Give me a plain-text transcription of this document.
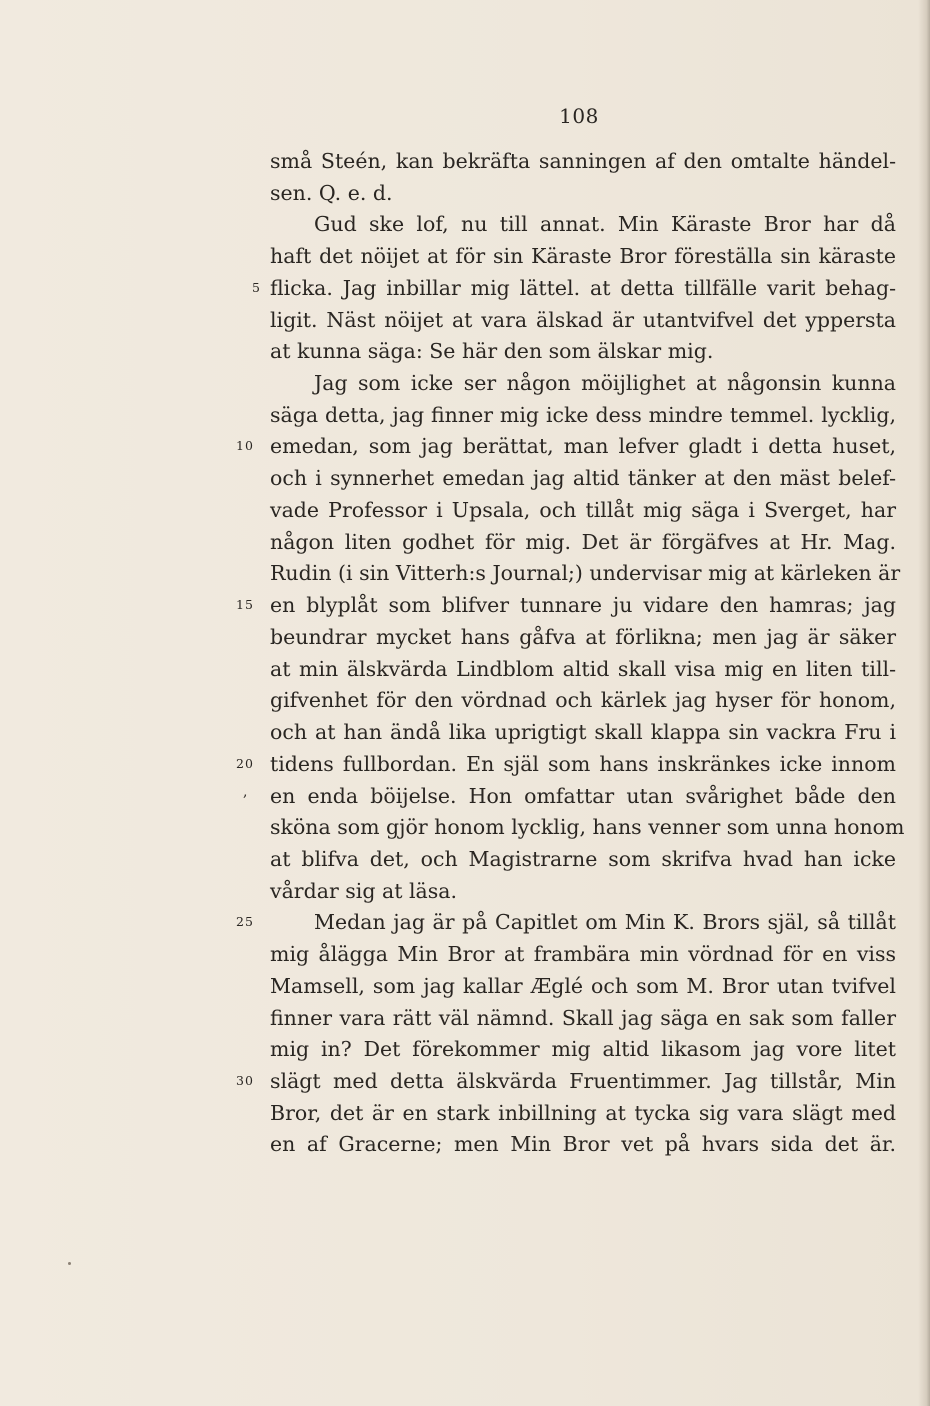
108
små Steén, kan bekräfta sanningen af den omtalte händel-
sen. Q. e. d.
Gud ske lof, nu till annat. Min Käraste Bror har då
haft det nöijet at för sin Käraste Bror föreställa sin käraste
flicka. Jag inbillar mig lättel. at detta tillfälle varit behag-
ligit. Näst nöijet at vara älskad är utantvifvel det yppersta
at kunna säga: Se här den som älskar mig.
Jag som icke ser någon möijlighet at någonsin kunna
säga detta, jag finner mig icke dess mindre temmel. lycklig,
emedan, som jag berättat, man lefver gladt i detta huset,
och i synnerhet emedan jag altid tänker at den mäst belef-
vade Professor i Upsala, och tillåt mig säga i Sverget, har
någon liten godhet för mig. Det är förgäfves at Hr. Mag.
Rudin (i sin Vitterh:s Journal;) undervisar mig at kärleken är
en blyplåt som blifver tunnare ju vidare den hamras; jag
beundrar mycket hans gåfva at förlikna; men jag är säker
at min älskvärda Lindblom altid skall visa mig en liten till-
gifvenhet för den vördnad och kärlek jag hyser för honom,
och at han ändå lika uprigtigt skall klappa sin vackra Fru i
tidens fullbordan. En själ som hans inskränkes icke innom
en enda böijelse. Hon omfattar utan svårighet både den
sköna som gjör honom lycklig, hans venner som unna honom
at blifva det, och Magistrarne som skrifva hvad han icke
vårdar sig at läsa.
Medan jag är på Capitlet om Min K. Brors själ, så tillåt
mig ålägga Min Bror at frambära min vördnad för en viss
Mamsell, som jag kallar Æglé och som M. Bror utan tvifvel
finner vara rätt väl nämnd. Skall jag säga en sak som faller
mig in? Det förekommer mig altid likasom jag vore litet
slägt med detta älskvärda Fruentimmer. Jag tillstår, Min
Bror, det är en stark inbillning at tycka sig vara slägt med
en af Gracerne; men Min Bror vet på hvars sida det är.
5
10
15
20
,
25
30
